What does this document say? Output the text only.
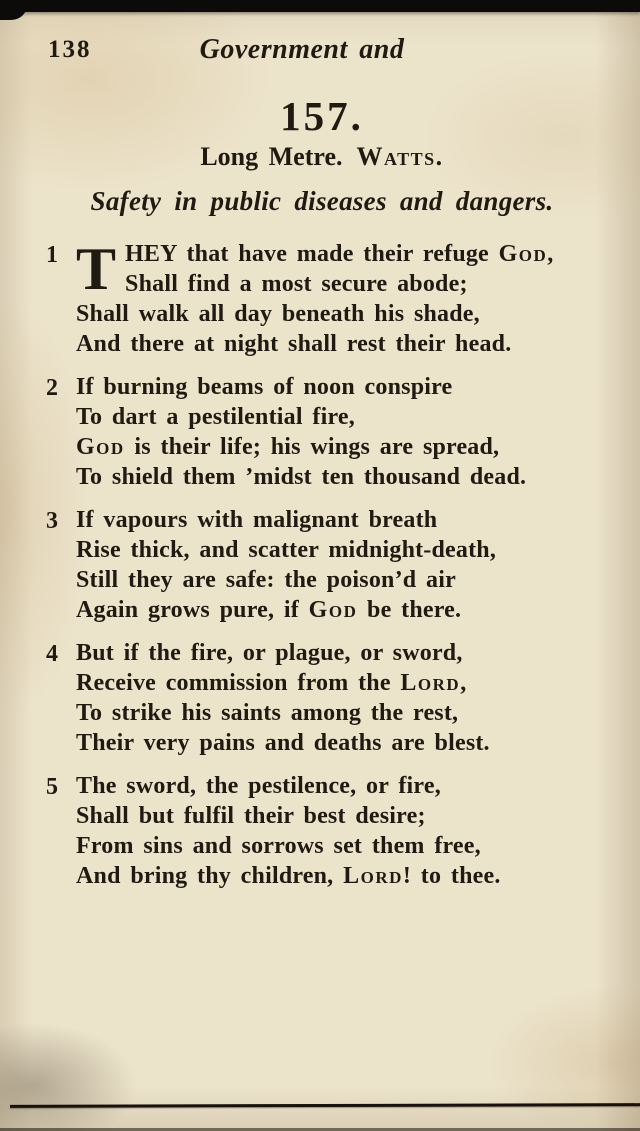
138	Government and
157.
Long Metre. Watts.
Safety in public diseases and dangers.
1 T HEY that have made their refuge God,
Shall find a most secure abode;
Shall walk all day beneath his shade,
And there at night shall rest their head.
2 If burning beams of noon conspire
To dart a pestilential fire,
God is their life; his wings are spread,
To shield them ’midst ten thousand dead.
3 If vapours with malignant breath
Rise thick, and scatter midnight-death,
Still they are safe: the poison’d air
Again grows pure, if God be there.
4 But if the fire, or plague, or sword,
Receive commission from the Lord,
To strike his saints among the rest,
Their very pains and deaths are blest.
5 The sword, the pestilence, or fire,
Shall but fulfil their best desire;
From sins and sorrows set them free,
And bring thy children, Lord! to thee.
